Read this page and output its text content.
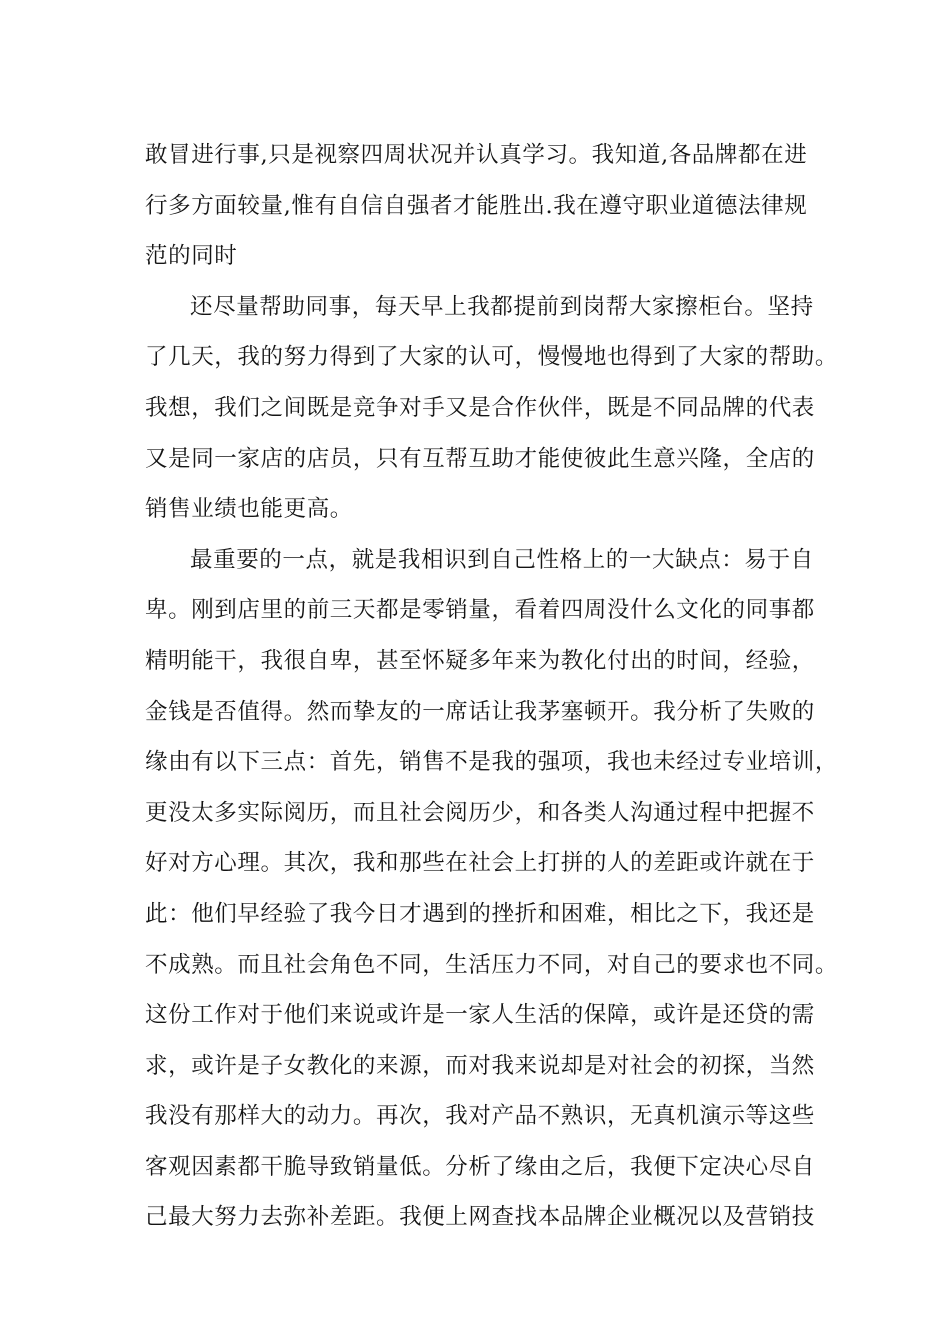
敢冒进行事,只是视察四周状况并认真学习。我知道,各品牌都在进
行多方面较量,惟有自信自强者才能胜出.我在遵守职业道德法律规
范的同时
还尽量帮助同事，每天早上我都提前到岗帮大家擦柜台。坚持
了几天，我的努力得到了大家的认可，慢慢地也得到了大家的帮助。
我想，我们之间既是竞争对手又是合作伙伴，既是不同品牌的代表
又是同一家店的店员，只有互帮互助才能使彼此生意兴隆，全店的
销售业绩也能更高。
最重要的一点，就是我相识到自己性格上的一大缺点：易于自
卑。刚到店里的前三天都是零销量，看着四周没什么文化的同事都
精明能干，我很自卑，甚至怀疑多年来为教化付出的时间，经验，
金钱是否值得。然而挚友的一席话让我茅塞顿开。我分析了失败的
缘由有以下三点：首先，销售不是我的强项，我也未经过专业培训，
更没太多实际阅历，而且社会阅历少，和各类人沟通过程中把握不
好对方心理。其次，我和那些在社会上打拼的人的差距或许就在于
此：他们早经验了我今日才遇到的挫折和困难，相比之下，我还是
不成熟。而且社会角色不同，生活压力不同，对自己的要求也不同。
这份工作对于他们来说或许是一家人生活的保障，或许是还贷的需
求，或许是子女教化的来源，而对我来说却是对社会的初探，当然
我没有那样大的动力。再次，我对产品不熟识，无真机演示等这些
客观因素都干脆导致销量低。分析了缘由之后，我便下定决心尽自
己最大努力去弥补差距。我便上网查找本品牌企业概况以及营销技
